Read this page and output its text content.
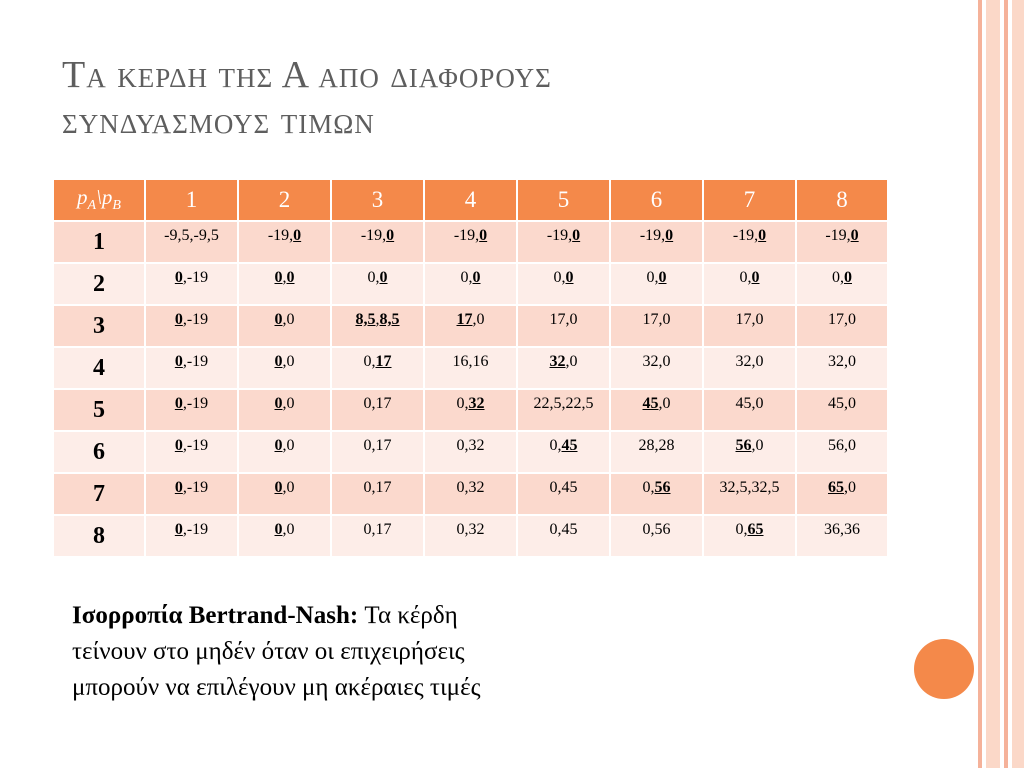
Τα κερδη της Α απο διαφορους
συνδυασμους τιμων
$p_A\backslash p_B$	1	2	3	4	5	6	7	8
1	-9,5,-9,5	-19,0	-19,0	-19,0	-19,0	-19,0	-19,0	-19,0
2	0,-19	0,0	0,0	0,0	0,0	0,0	0,0	0,0
3	0,-19	0,0	8,5,8,5	17,0	17,0	17,0	17,0	17,0
4	0,-19	0,0	0,17	16,16	32,0	32,0	32,0	32,0
5	0,-19	0,0	0,17	0,32	22,5,22,5	45,0	45,0	45,0
6	0,-19	0,0	0,17	0,32	0,45	28,28	56,0	56,0
7	0,-19	0,0	0,17	0,32	0,45	0,56	32,5,32,5	65,0
8	0,-19	0,0	0,17	0,32	0,45	0,56	0,65	36,36
Ισορροπία Bertrand-Nash: Τα κέρδη
τείνουν στο μηδέν όταν οι επιχειρήσεις
μπορούν να επιλέγουν μη ακέραιες τιμές
